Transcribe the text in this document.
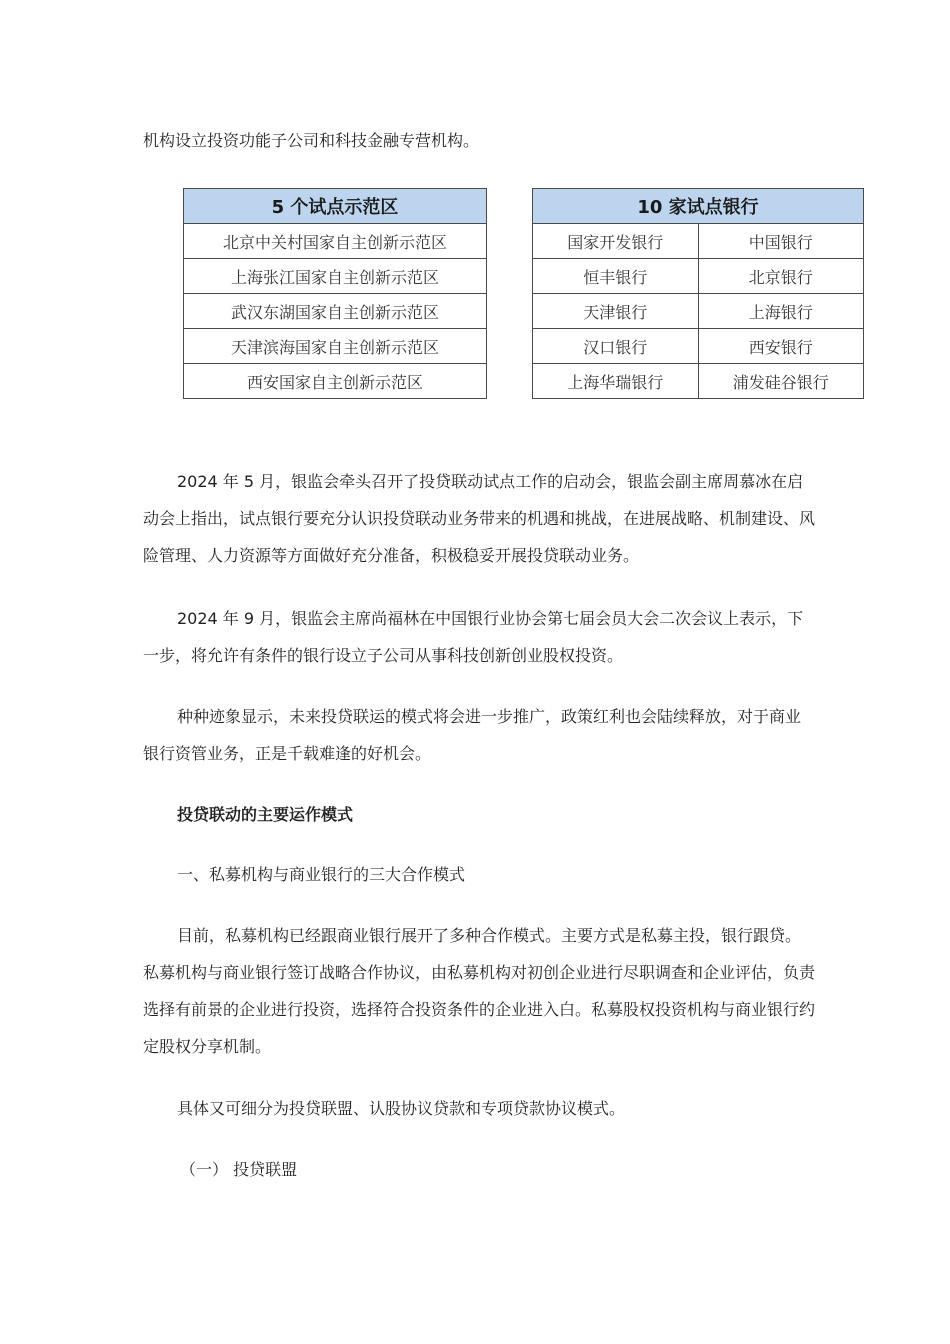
机构设立投资功能子公司和科技金融专营机构。

5 个试点示范区
北京中关村国家自主创新示范区
上海张江国家自主创新示范区
武汉东湖国家自主创新示范区
天津滨海国家自主创新示范区
西安国家自主创新示范区
10 家试点银行	
国家开发银行	中国银行
恒丰银行	北京银行
天津银行	上海银行
汉口银行	西安银行
上海华瑞银行	浦发硅谷银行

2024 年 5 月，银监会牵头召开了投贷联动试点工作的启动会，银监会副主席周慕冰在启动会上指出，试点银行要充分认识投贷联动业务带来的机遇和挑战，在进展战略、机制建设、风险管理、人力资源等方面做好充分准备，积极稳妥开展投贷联动业务。

2024 年 9 月，银监会主席尚福林在中国银行业协会第七届会员大会二次会议上表示，下一步，将允许有条件的银行设立子公司从事科技创新创业股权投资。

种种迹象显示，未来投贷联运的模式将会进一步推广，政策红利也会陆续释放，对于商业银行资管业务，正是千载难逢的好机会。

投贷联动的主要运作模式

一、私募机构与商业银行的三大合作模式

目前，私募机构已经跟商业银行展开了多种合作模式。主要方式是私募主投，银行跟贷。私募机构与商业银行签订战略合作协议，由私募机构对初创企业进行尽职调查和企业评估，负责选择有前景的企业进行投资，选择符合投资条件的企业进入白。私募股权投资机构与商业银行约定股权分享机制。

具体又可细分为投贷联盟、认股协议贷款和专项贷款协议模式。

（一） 投贷联盟
